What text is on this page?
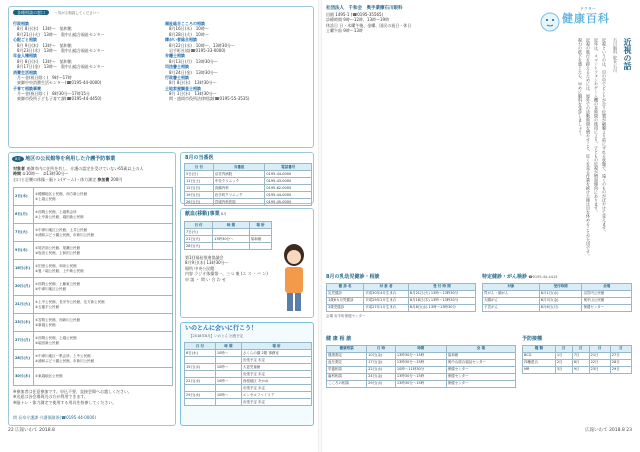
各種相談の窓口	～気がる相談してください～
行政相談
8月 8日(水)　13時～　協和館
8月21日(火)　13時～　奥中山総合福祉センター
心配ごと相談
8月 9日(木)　13時～　協和館
8月23日(木)　13時～　奥中山総合福祉センター
年金人権相談
8月 8日(水)　13時～　協和館
8月17日(金)　13時～　奥中山総合福祉センター
消費生活相談
月～金(祝日除く)　9時～17時
東御中央消費生活センター(☎0195-44-0000)
子育て相談事業
月～金(祝日除く)　8時30分～17時15分
東御市役所子ども子育て課(☎0195-44-4450)
福祉総合こころの相談
8月16日(木)　10時～
8月28日(火)　10時～
障がい者総合相談
8月22日(水)　10時～、13時30分～
岩手町社協(☎0195-33-0000)
弁護士相談
8月13日(月)　13時30分～
司法書士相談
8月24日(金)　13時30分～
行政書士相談
8月 8日(水)　13時30分～
土地家屋調査士相談
8月 1日(水)　13時30分～
問・盛岡市役所法律相談(☎0195-55-3535)
8月 地区の公民館等を利用した介護予防事業
対象者 東御市内に住所を有し、介護の認定を受けていない65歳以上の人
時間 ①10時～　②13時30分～
お口と足腰の体操・脳トレ(ゲーム)・体力測定 参加費 200円
2日(木)	①穂積地区公民館、西方新公民館
②上堀公民館

6日(月)	①西岡公民館、上堀集会所
②上中新公民館、堀田新公民館

7日(火)	①中津川地区公民館、土井公民館
②浦和ぶどう園公民館、市新川公民館

9日(木)	①尾沢前公民館、尾瀬公民館
②塩田公民館、上和田公民館

16日(木)	①旧里公民館、和泉公民館
②夏ノ堀公民館、上中新公民館

20日(月)	①西岡公民館、上藤東公民館
②中津川地区公民館

21日(火)	①上中公民館、長安寺公民館、北方新公民館
②五龍平公民館

23日(木)	①宮路公民館、西新川公民館
②新堀公民館

27日(月)	①西岡公民館、上堀公民館
②堀田新公民館

28日(火)	①中津川地区一集会所、上中公民館
②浦和ぶどう園公民館、市新川公民館

30日(木)	①東堀地区公民館
※参加者は任意参加です。申込不要、直接会場へお越しください。
※送迎は各会場周辺の方が利用できます。
※脳トレ・体力測定で使用する用具を持参してください。
問 長寿介護課 介護保険係(☎0195-44-0000)
8月の当番医
日 付	当番医	電話番号
5日(日)	沼宮内病院	0195-44-0000
11日(土)	中央クリニック	0195-43-0000
12日(日)	高橋内科	0195-62-0000
19日(日)	岩手町クリニック	0195-44-0000
26日(日)	宮城内科医院	0195-45-0000
献血(移動)事業 8月
日 付	時 間	場 所
7日(火)		
21日(火)	13時30分～	協和館
28日(火)		
第1回福祉推進協議会
8月9日(木) 13時30分～
場所 中央公民館
内容 ラジオ体操第一、三つ 東 (エ ス ・バ ン)
申 請 ・ 問 い 合 わ せ
いのとんに会いに行こう！
【2018年8月】いのとん 出張予定
日 付	時 間	場 所
8日(水)	10時～	さくらの園 2階 事務室
		出張予定 未定
15日(水)	10時～	大更児童館
		出張予定 未定
22日(水)	10時～	西根地区 あかね
		出張予定 未定
29日(水)	10時～	エンゼルファミリア
		出張予定 未定
22 広報いわて 2018.8
社団法人　千和会　奥手業療石川眼科
田園 1495-1 (☎0195-35565)
診療時間 9時～12時、13時～19時
休診日 日・木曜午後、金曜、国民の祝日・休日
土曜午前 9時～13時
ドクター
健康百科
近視の話
石川眼科 院長 石川

近視というのは、目の中でピントが合う位置が網膜より前にずれる状態で、遠くのものがぼやけて見えます。

近年は、スマートフォンやゲーム機の長時間の使用により、子どもの近視が増加傾向にあります。

近視の進行を抑えるためには、屋外での活動時間を増やすこと、近くを見る作業を続けた後は目を休めることが大切です。

視力の低下を感じたら、早めに眼科を受診しましょう。

8月の乳幼児健診・相談
健 診 名	対 象 者	受 付 時 間
乳児健診	平成30年4月生まれ	8月21日(火) 13時～13時30分
1歳6カ月児健診	平成29年1月生まれ	8月16日(木) 13時～13時30分
3歳児健診	平成27年1月生まれ	8月8日(水) 13時～13時30分
会場 岩手町保健センター
特定健診・がん検診 ☎0195-44-4415
対象	受付時間	会場
胃がん・肺がん	8月1日(水)	沼宮内公民館
大腸がん	8月3日(金)	奥中山公民館
子宮がん	8月6日(月)	保健センター
健 康 相 談
健康相談	日 時	時間	会 場
健康測定	10日(金)	13時30分～15時	協和館
血圧測定	17日(金)	13時30分～15時	奥中山総合福祉センター
栄養相談	22日(水)	10時～11時30分	保健センター
歯科相談	24日(金)	13時30分～15時	保健センター
こころの相談	29日(水)	13時30分～15時	保健センター
予防接種
種 類	日	日	日	日
BCG	1日	7日	21日	27日
四種混合	2日	8日	22日	28日
MR	3日	9日	23日	29日
広報いわて 2018.8 23
